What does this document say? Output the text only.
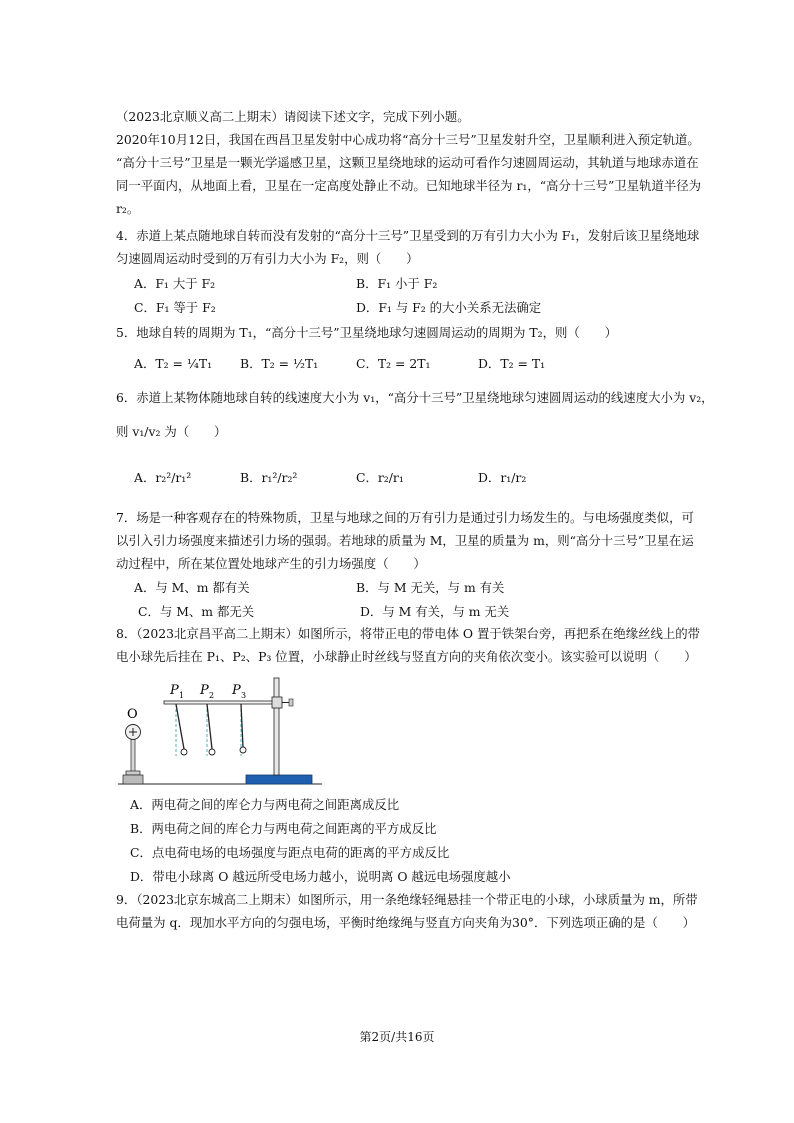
（2023北京顺义高二上期末）请阅读下述文字，完成下列小题。
2020年10月12日，我国在西昌卫星发射中心成功将“高分十三号”卫星发射升空，卫星顺利进入预定轨道。
“高分十三号”卫星是一颗光学遥感卫星，这颗卫星绕地球的运动可看作匀速圆周运动，其轨道与地球赤道在
同一平面内，从地面上看，卫星在一定高度处静止不动。已知地球半径为 r₁，“高分十三号”卫星轨道半径为
r₂。
4．赤道上某点随地球自转而没有发射的“高分十三号”卫星受到的万有引力大小为 F₁，发射后该卫星绕地球
匀速圆周运动时受到的万有引力大小为 F₂，则（　　）
A．F₁ 大于 F₂	B．F₁ 小于 F₂
C．F₁ 等于 F₂	D．F₁ 与 F₂ 的大小关系无法确定
5．地球自转的周期为 T₁，“高分十三号”卫星绕地球匀速圆周运动的周期为 T₂，则（　　）
A．T₂ = ¼T₁ B．T₂ = ½T₁	C．T₂ = 2T₁	D．T₂ = T₁
6．赤道上某物体随地球自转的线速度大小为 v₁，“高分十三号”卫星绕地球匀速圆周运动的线速度大小为 v₂，
则 v₁/v₂ 为（　　）
A．r₂²/r₁²	B．r₁²/r₂²	C．r₂/r₁	D．r₁/r₂
7．场是一种客观存在的特殊物质，卫星与地球之间的万有引力是通过引力场发生的。与电场强度类似，可
以引入引力场强度来描述引力场的强弱。若地球的质量为 M，卫星的质量为 m，则“高分十三号”卫星在运
动过程中，所在某位置处地球产生的引力场强度（　　）
A．与 M、m 都有关	B．与 M 无关，与 m 有关
C．与 M、m 都无关	D．与 M 有关，与 m 无关
8．（2023北京昌平高二上期末）如图所示，将带正电的带电体 O 置于铁架台旁，再把系在绝缘丝线上的带
电小球先后挂在 P₁、P₂、P₃ 位置，小球静止时丝线与竖直方向的夹角依次变小。该实验可以说明（　　）
P 1 P 2 P 3
O
A．两电荷之间的库仑力与两电荷之间距离成反比
B．两电荷之间的库仑力与两电荷之间距离的平方成反比
C．点电荷电场的电场强度与距点电荷的距离的平方成反比
D．带电小球离 O 越远所受电场力越小，说明离 O 越远电场强度越小
9．（2023北京东城高二上期末）如图所示，用一条绝缘轻绳悬挂一个带正电的小球，小球质量为 m，所带
电荷量为 q．现加水平方向的匀强电场，平衡时绝缘绳与竖直方向夹角为30°．下列选项正确的是（　　）
第2页/共16页
